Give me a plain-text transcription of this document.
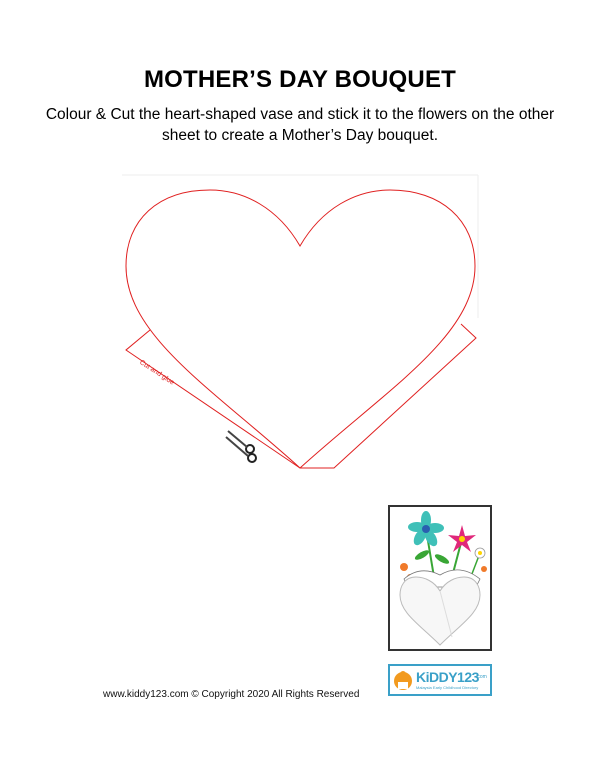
MOTHER’S DAY BOUQUET
Colour & Cut the heart-shaped vase and stick it to the flowers on the other sheet to create a Mother’s Day bouquet.
Cut and glue
KiDDY123
Malaysia Early Childhood Directory
.com
www.kiddy123.com © Copyright 2020 All Rights Reserved
